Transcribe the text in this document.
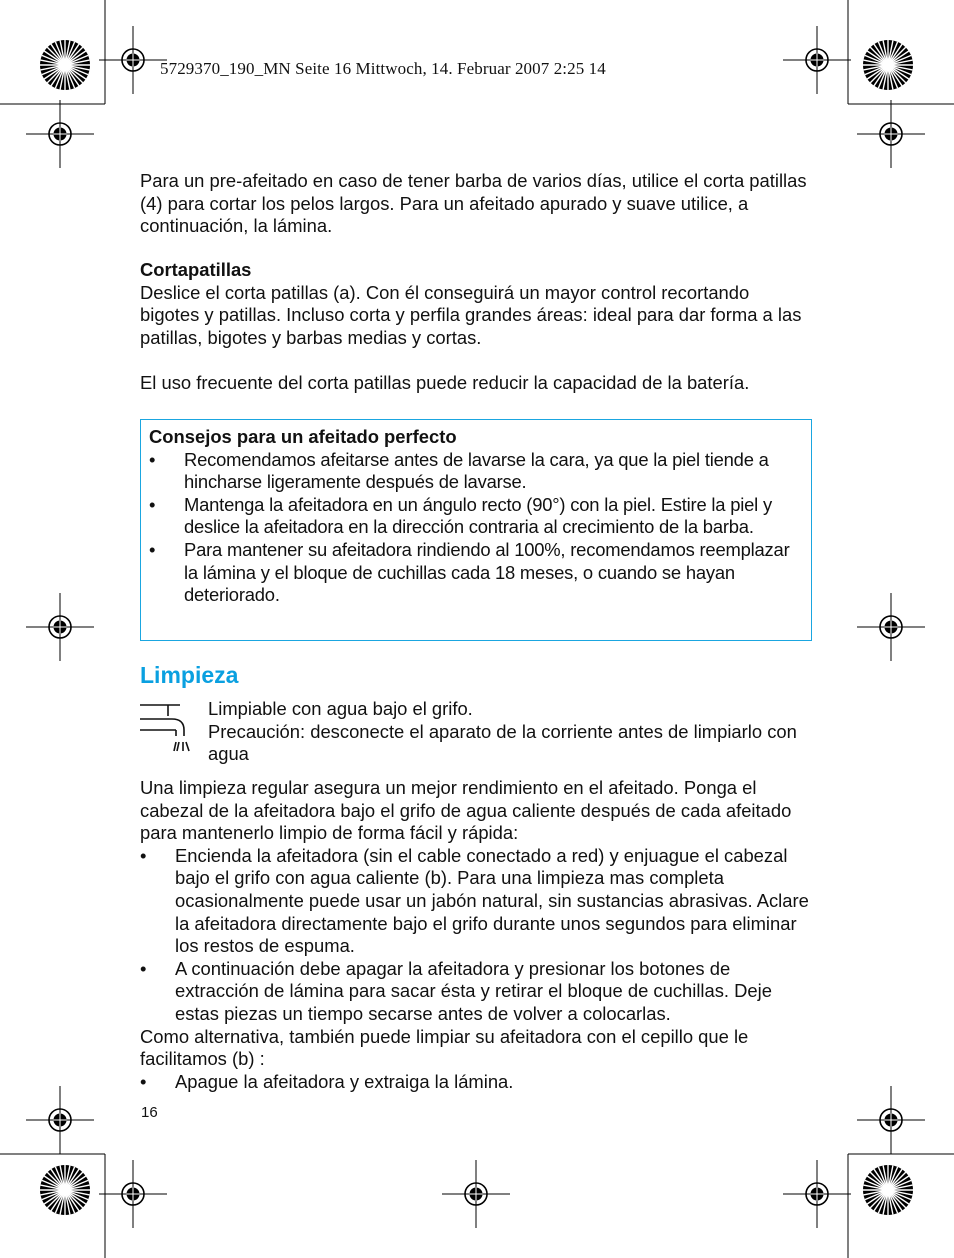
5729370_190_MN Seite 16 Mittwoch, 14. Februar 2007 2:25 14

Para un pre-afeitado en caso de tener barba de varios días, utilice el corta patillas (4) para cortar los pelos largos. Para un afeitado apurado y suave utilice, a continuación, la lámina.

Cortapatillas

Deslice el corta patillas (a). Con él conseguirá un mayor control recortando bigotes y patillas. Incluso corta y perfila grandes áreas: ideal para dar forma a las patillas, bigotes y barbas medias y cortas.

El uso frecuente del corta patillas puede reducir la capacidad de la batería.

Consejos para un afeitado perfecto

• Recomendamos afeitarse antes de lavarse la cara, ya que la piel tiende a hincharse ligeramente después de lavarse.
• Mantenga la afeitadora en un ángulo recto (90°) con la piel. Estire la piel y deslice la afeitadora en la dirección contraria al crecimiento de la barba.
• Para mantener su afeitadora rindiendo al 100%, recomendamos reemplazar la lámina y el bloque de cuchillas cada 18 meses, o cuando se hayan deteriorado.
Limpieza

Limpiable con agua bajo el grifo.

Precaución: desconecte el aparato de la corriente antes de limpiarlo con agua

Una limpieza regular asegura un mejor rendimiento en el afeitado. Ponga el cabezal de la afeitadora bajo el grifo de agua caliente después de cada afeitado para mantenerlo limpio de forma fácil y rápida:

• Encienda la afeitadora (sin el cable conectado a red) y enjuague el cabezal bajo el grifo con agua caliente (b). Para una limpieza mas completa ocasionalmente puede usar un jabón natural, sin sustancias abrasivas. Aclare la afeitadora directamente bajo el grifo durante unos segundos para eliminar los restos de espuma.
• A continuación debe apagar la afeitadora y presionar los botones de extracción de lámina para sacar ésta y retirar el bloque de cuchillas. Deje estas piezas un tiempo secarse antes de volver a colocarlas.

Como alternativa, también puede limpiar su afeitadora con el cepillo que le facilitamos (b) :

• Apague la afeitadora y extraiga la lámina.
16
